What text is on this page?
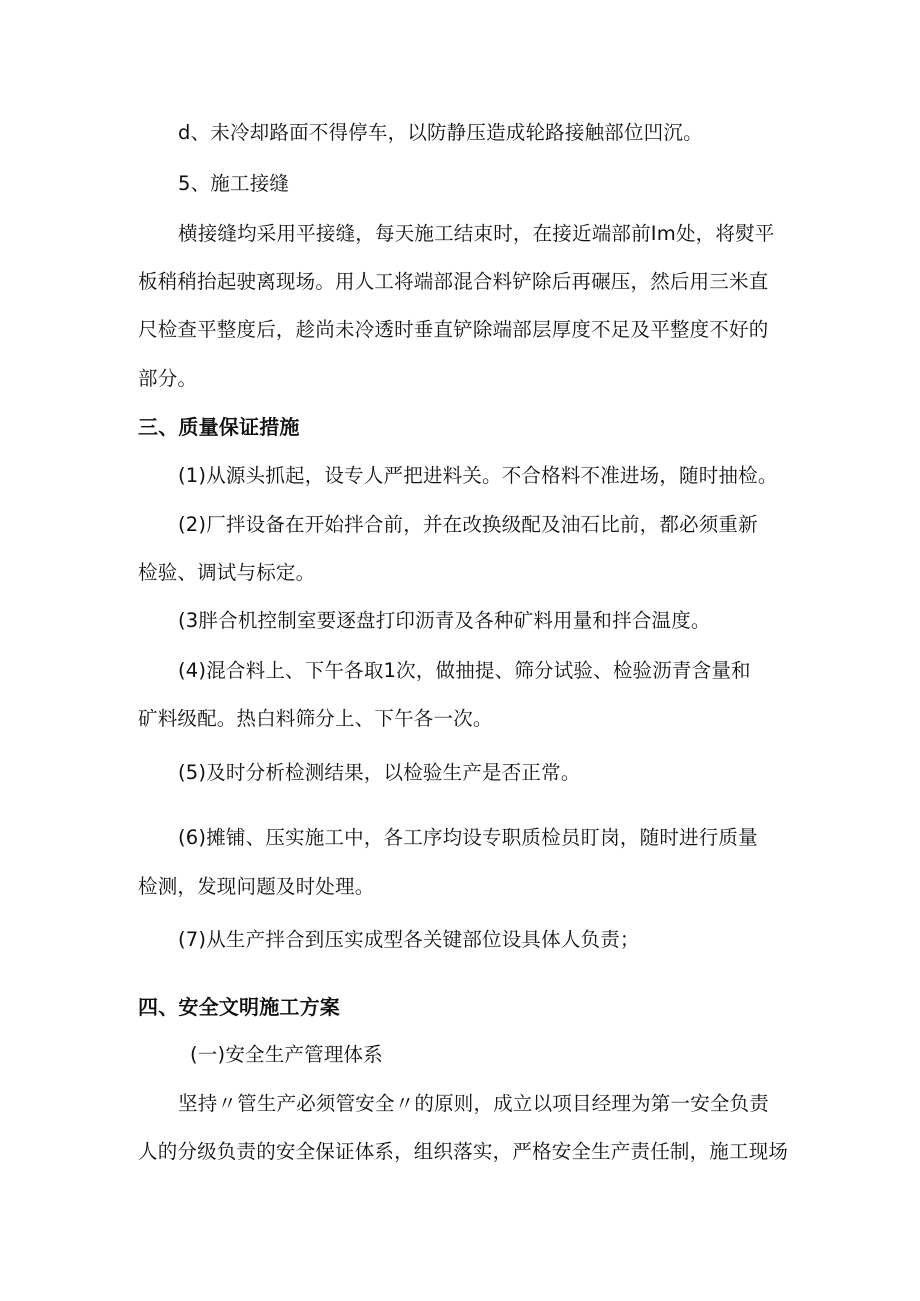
d、未冷却路面不得停车，以防静压造成轮路接触部位凹沉。

5、施工接缝

横接缝均采用平接缝，每天施工结束时，在接近端部前Im处，将熨平

板稍稍抬起驶离现场。用人工将端部混合料铲除后再碾压，然后用三米直

尺检查平整度后，趁尚未冷透时垂直铲除端部层厚度不足及平整度不好的

部分。

三、质量保证措施

(1)从源头抓起，设专人严把进料关。不合格料不准进场，随时抽检。

(2)厂拌设备在开始拌合前，并在改换级配及油石比前，都必须重新

检验、调试与标定。

(3胖合机控制室要逐盘打印沥青及各种矿料用量和拌合温度。

(4)混合料上、下午各取1次，做抽提、筛分试验、检验沥青含量和

矿料级配。热白料筛分上、下午各一次。

(5)及时分析检测结果，以检验生产是否正常。

(6)摊铺、压实施工中，各工序均设专职质检员盯岗，随时进行质量

检测，发现问题及时处理。

(7)从生产拌合到压实成型各关键部位设具体人负责；

四、安全文明施工方案

(一)安全生产管理体系

坚持〃管生产必须管安全〃的原则，成立以项目经理为第一安全负责

人的分级负责的安全保证体系，组织落实，严格安全生产责任制，施工现场
